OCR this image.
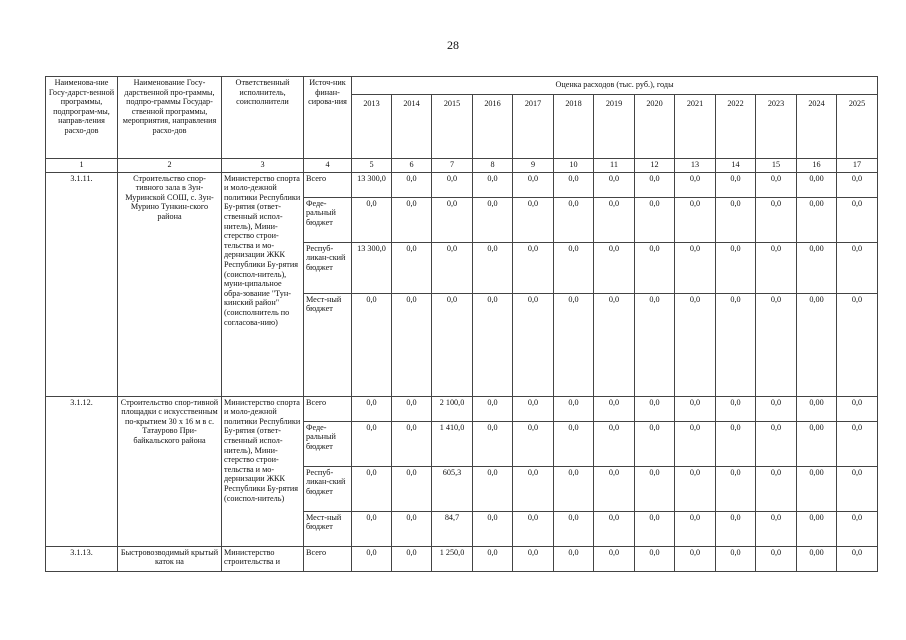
28
Наименова-ние Госу-дарст-венной программы, подпрограм-мы, направ-ления расхо-дов	Наименование Госу-дарственной про-граммы, подпро-граммы Государ-ственной программы, мероприятия, направления расхо-дов	Ответственный исполнитель, соисполнители	Источ-ник финан-сирова-ния	Оценка расходов (тыс. руб.), годы												
				2013	2014	2015	2016	2017	2018	2019	2020	2021	2022	2023	2024	2025
1	2	3	4	5	6	7	8	9	10	11	12	13	14	15	16	17
3.1.11.	Строительство спор-тивного зала в Зун-Муринской СОШ, с. Зун-Мурино Тункин-ского района	Министерство спорта и моло-дежной политики Республики Бу-рятия (ответ-ственный испол-нитель), Мини-стерство строи-тельства и мо-дернизации ЖКК Республики Бу-рятия (соиспол-нитель), муни-ципальное обра-зование "Тун-кинский район" (соисполнитель по согласова-нию)	Всего	13 300,0	0,0	0,0	0,0	0,0	0,0	0,0	0,0	0,0	0,0	0,0	0,00	0,0
			Феде-ральный бюджет	0,0	0,0	0,0	0,0	0,0	0,0	0,0	0,0	0,0	0,0	0,0	0,00	0,0
			Респуб-ликан-ский бюджет	13 300,0	0,0	0,0	0,0	0,0	0,0	0,0	0,0	0,0	0,0	0,0	0,00	0,0
			Мест-ный бюджет	0,0	0,0	0,0	0,0	0,0	0,0	0,0	0,0	0,0	0,0	0,0	0,00	0,0
3.1.12.	Строительство спор-тивной площадки с искусственным по-крытием 30 х 16 м в с. Татаурово При-байкальского района	Министерство спорта и моло-дежной политики Республики Бу-рятия (ответ-ственный испол-нитель), Мини-стерство строи-тельства и мо-дернизации ЖКК Республики Бу-рятия (соиспол-нитель)	Всего	0,0	0,0	2 100,0	0,0	0,0	0,0	0,0	0,0	0,0	0,0	0,0	0,00	0,0
			Феде-ральный бюджет	0,0	0,0	1 410,0	0,0	0,0	0,0	0,0	0,0	0,0	0,0	0,0	0,00	0,0
			Респуб-ликан-ский бюджет	0,0	0,0	605,3	0,0	0,0	0,0	0,0	0,0	0,0	0,0	0,0	0,00	0,0
			Мест-ный бюджет	0,0	0,0	84,7	0,0	0,0	0,0	0,0	0,0	0,0	0,0	0,0	0,00	0,0
3.1.13.	Быстровозводимый крытый каток на	Министерство строительства и	Всего	0,0	0,0	1 250,0	0,0	0,0	0,0	0,0	0,0	0,0	0,0	0,0	0,00	0,0
